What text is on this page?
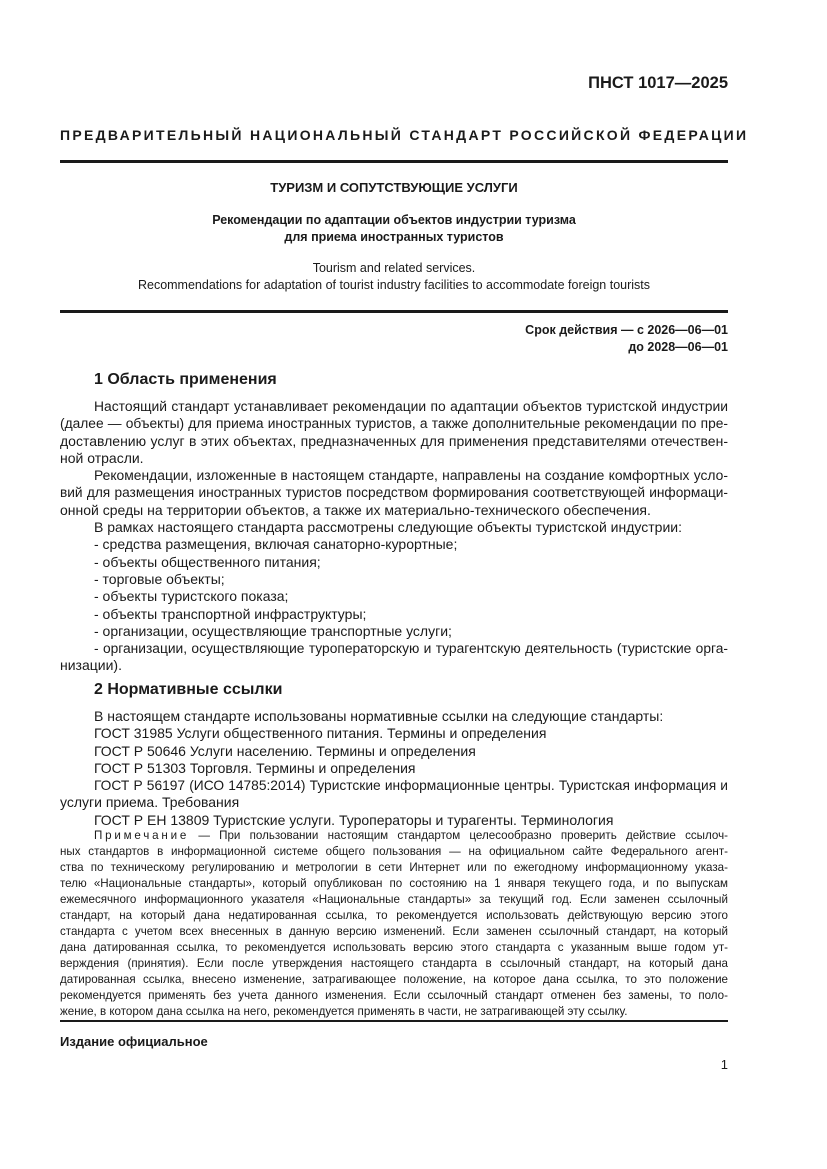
ПНСТ 1017—2025
ПРЕДВАРИТЕЛЬНЫЙ НАЦИОНАЛЬНЫЙ СТАНДАРТ РОССИЙСКОЙ ФЕДЕРАЦИИ
ТУРИЗМ И СОПУТСТВУЮЩИЕ УСЛУГИ
Рекомендации по адаптации объектов индустрии туризма
для приема иностранных туристов
Tourism and related services.
Recommendations for adaptation of tourist industry facilities to accommodate foreign tourists
Срок действия — с 2026—06—01
до 2028—06—01
1 Область применения
Настоящий стандарт устанавливает рекомендации по адаптации объектов туристской индустрии
(далее — объекты) для приема иностранных туристов, а также дополнительные рекомендации по пре-
доставлению услуг в этих объектах, предназначенных для применения представителями отечествен-
ной отрасли.
Рекомендации, изложенные в настоящем стандарте, направлены на создание комфортных усло-
вий для размещения иностранных туристов посредством формирования соответствующей информаци-
онной среды на территории объектов, а также их материально-технического обеспечения.
В рамках настоящего стандарта рассмотрены следующие объекты туристской индустрии:
- средства размещения, включая санаторно-курортные;
- объекты общественного питания;
- торговые объекты;
- объекты туристского показа;
- объекты транспортной инфраструктуры;
- организации, осуществляющие транспортные услуги;
- организации, осуществляющие туроператорскую и турагентскую деятельность (туристские орга-
низации).
2 Нормативные ссылки
В настоящем стандарте использованы нормативные ссылки на следующие стандарты:
ГОСТ 31985 Услуги общественного питания. Термины и определения
ГОСТ Р 50646 Услуги населению. Термины и определения
ГОСТ Р 51303 Торговля. Термины и определения
ГОСТ Р 56197 (ИСО 14785:2014) Туристские информационные центры. Туристская информация и
услуги приема. Требования
ГОСТ Р ЕН 13809 Туристские услуги. Туроператоры и турагенты. Терминология
Примечание — При пользовании настоящим стандартом целесообразно проверить действие ссылоч-
ных стандартов в информационной системе общего пользования — на официальном сайте Федерального агент-
ства по техническому регулированию и метрологии в сети Интернет или по ежегодному информационному указа-
телю «Национальные стандарты», который опубликован по состоянию на 1 января текущего года, и по выпускам
ежемесячного информационного указателя «Национальные стандарты» за текущий год. Если заменен ссылочный
стандарт, на который дана недатированная ссылка, то рекомендуется использовать действующую версию этого
стандарта с учетом всех внесенных в данную версию изменений. Если заменен ссылочный стандарт, на который
дана датированная ссылка, то рекомендуется использовать версию этого стандарта с указанным выше годом ут-
верждения (принятия). Если после утверждения настоящего стандарта в ссылочный стандарт, на который дана
датированная ссылка, внесено изменение, затрагивающее положение, на которое дана ссылка, то это положение
рекомендуется применять без учета данного изменения. Если ссылочный стандарт отменен без замены, то поло-
жение, в котором дана ссылка на него, рекомендуется применять в части, не затрагивающей эту ссылку.
Издание официальное
1
